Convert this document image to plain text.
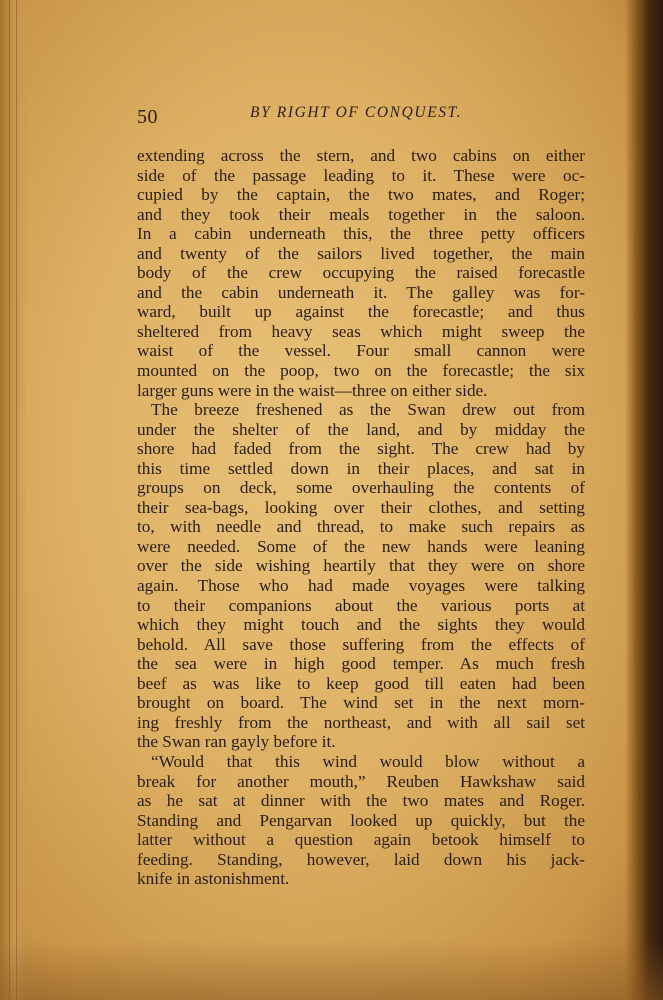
50	BY RIGHT OF CONQUEST.
extending across the stern, and two cabins on either
side of the passage leading to it. These were oc-
cupied by the captain, the two mates, and Roger;
and they took their meals together in the saloon.
In a cabin underneath this, the three petty officers
and twenty of the sailors lived together, the main
body of the crew occupying the raised forecastle
and the cabin underneath it. The galley was for-
ward, built up against the forecastle; and thus
sheltered from heavy seas which might sweep the
waist of the vessel. Four small cannon were
mounted on the poop, two on the forecastle; the six
larger guns were in the waist—three on either side.
The breeze freshened as the Swan drew out from
under the shelter of the land, and by midday the
shore had faded from the sight. The crew had by
this time settled down in their places, and sat in
groups on deck, some overhauling the contents of
their sea-bags, looking over their clothes, and setting
to, with needle and thread, to make such repairs as
were needed. Some of the new hands were leaning
over the side wishing heartily that they were on shore
again. Those who had made voyages were talking
to their companions about the various ports at
which they might touch and the sights they would
behold. All save those suffering from the effects of
the sea were in high good temper. As much fresh
beef as was like to keep good till eaten had been
brought on board. The wind set in the next morn-
ing freshly from the northeast, and with all sail set
the Swan ran gayly before it.
“Would that this wind would blow without a
break for another mouth,” Reuben Hawkshaw said
as he sat at dinner with the two mates and Roger.
Standing and Pengarvan looked up quickly, but the
latter without a question again betook himself to
feeding. Standing, however, laid down his jack-
knife in astonishment.
